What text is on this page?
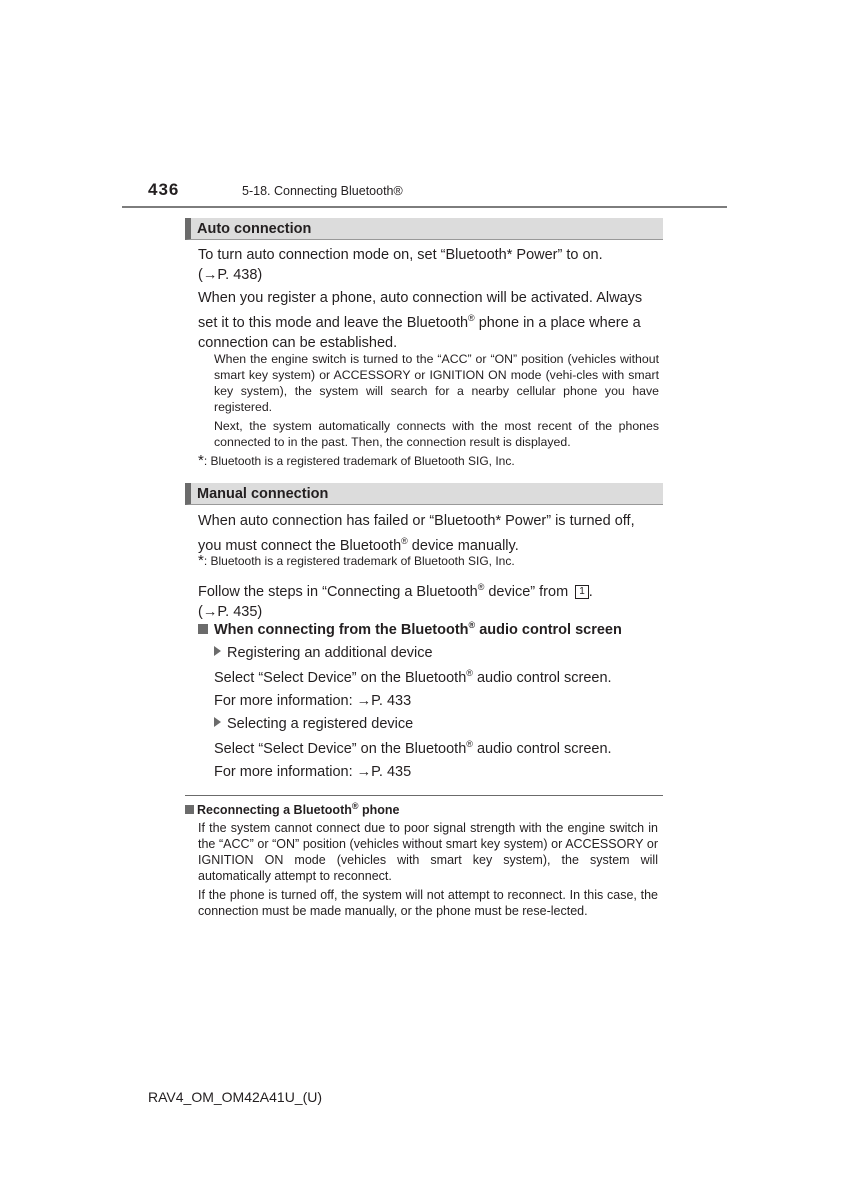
436	5-18. Connecting Bluetooth®
Auto connection
To turn auto connection mode on, set “Bluetooth* Power” to on.
(→P. 438)
When you register a phone, auto connection will be activated. Always
set it to this mode and leave the Bluetooth® phone in a place where a
connection can be established.
When the engine switch is turned to the “ACC” or “ON” position (vehicles without smart key system) or ACCESSORY or IGNITION ON mode (vehi-cles with smart key system), the system will search for a nearby cellular phone you have registered.
Next, the system automatically connects with the most recent of the phones connected to in the past. Then, the connection result is displayed.
*: Bluetooth is a registered trademark of Bluetooth SIG, Inc.
Manual connection
When auto connection has failed or “Bluetooth* Power” is turned off,
you must connect the Bluetooth® device manually.
*: Bluetooth is a registered trademark of Bluetooth SIG, Inc.
Follow the steps in “Connecting a Bluetooth® device” from 1 .
(→P. 435)
When connecting from the Bluetooth® audio control screen
Registering an additional device
Select “Select Device” on the Bluetooth® audio control screen.
For more information: →P. 433
Selecting a registered device
Select “Select Device” on the Bluetooth® audio control screen.
For more information: →P. 435
Reconnecting a Bluetooth® phone
If the system cannot connect due to poor signal strength with the engine switch in the “ACC” or “ON” position (vehicles without smart key system) or ACCESSORY or IGNITION ON mode (vehicles with smart key system), the system will automatically attempt to reconnect.
If the phone is turned off, the system will not attempt to reconnect. In this case, the connection must be made manually, or the phone must be rese-lected.
RAV4_OM_OM42A41U_(U)
